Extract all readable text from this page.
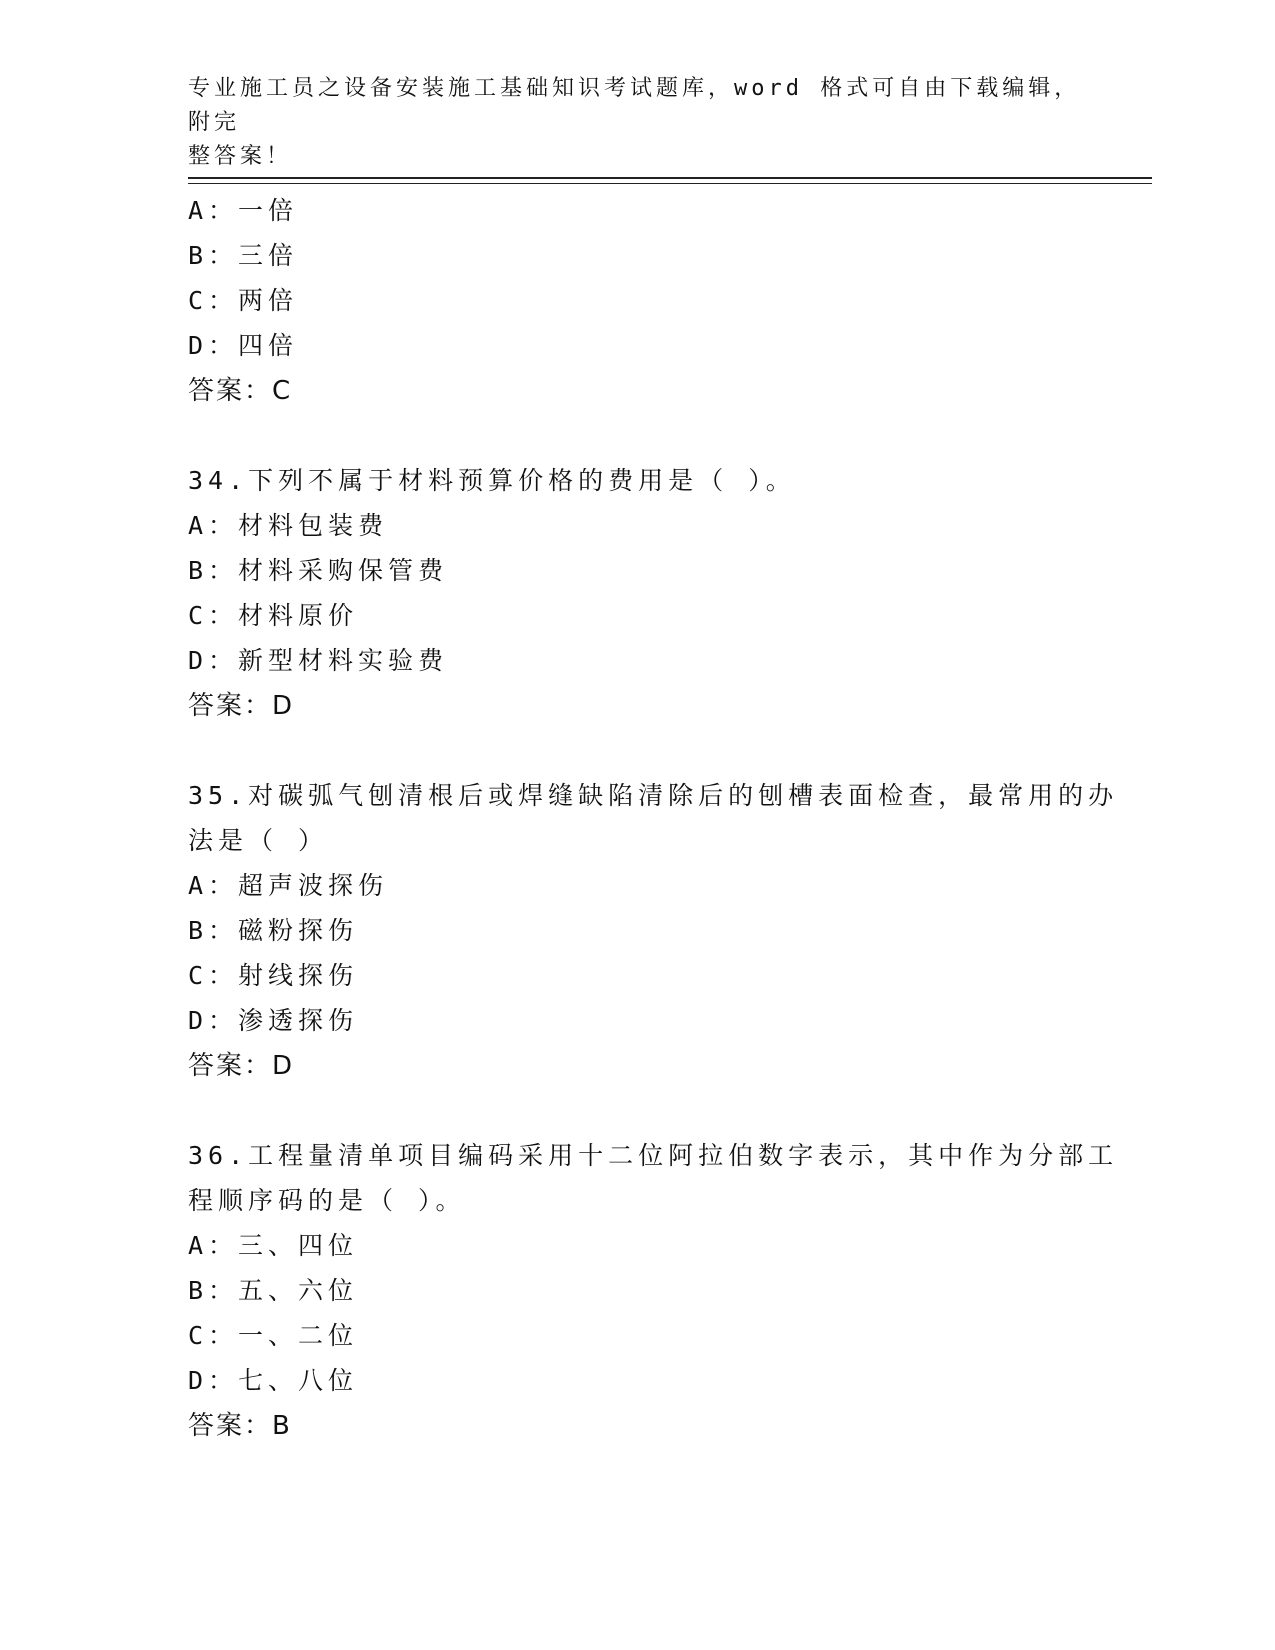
专业施工员之设备安装施工基础知识考试题库，word 格式可自由下载编辑，附完
整答案！
A：一倍
B：三倍
C：两倍
D：四倍
答案：C
34.下列不属于材料预算价格的费用是（ ）。
A：材料包装费
B：材料采购保管费
C：材料原价
D：新型材料实验费
答案：D
35.对碳弧气刨清根后或焊缝缺陷清除后的刨槽表面检查，最常用的办
法是（ ）
A：超声波探伤
B：磁粉探伤
C：射线探伤
D：渗透探伤
答案：D
36.工程量清单项目编码采用十二位阿拉伯数字表示，其中作为分部工
程顺序码的是（ ）。
A：三、四位
B：五、六位
C：一、二位
D：七、八位
答案：B
